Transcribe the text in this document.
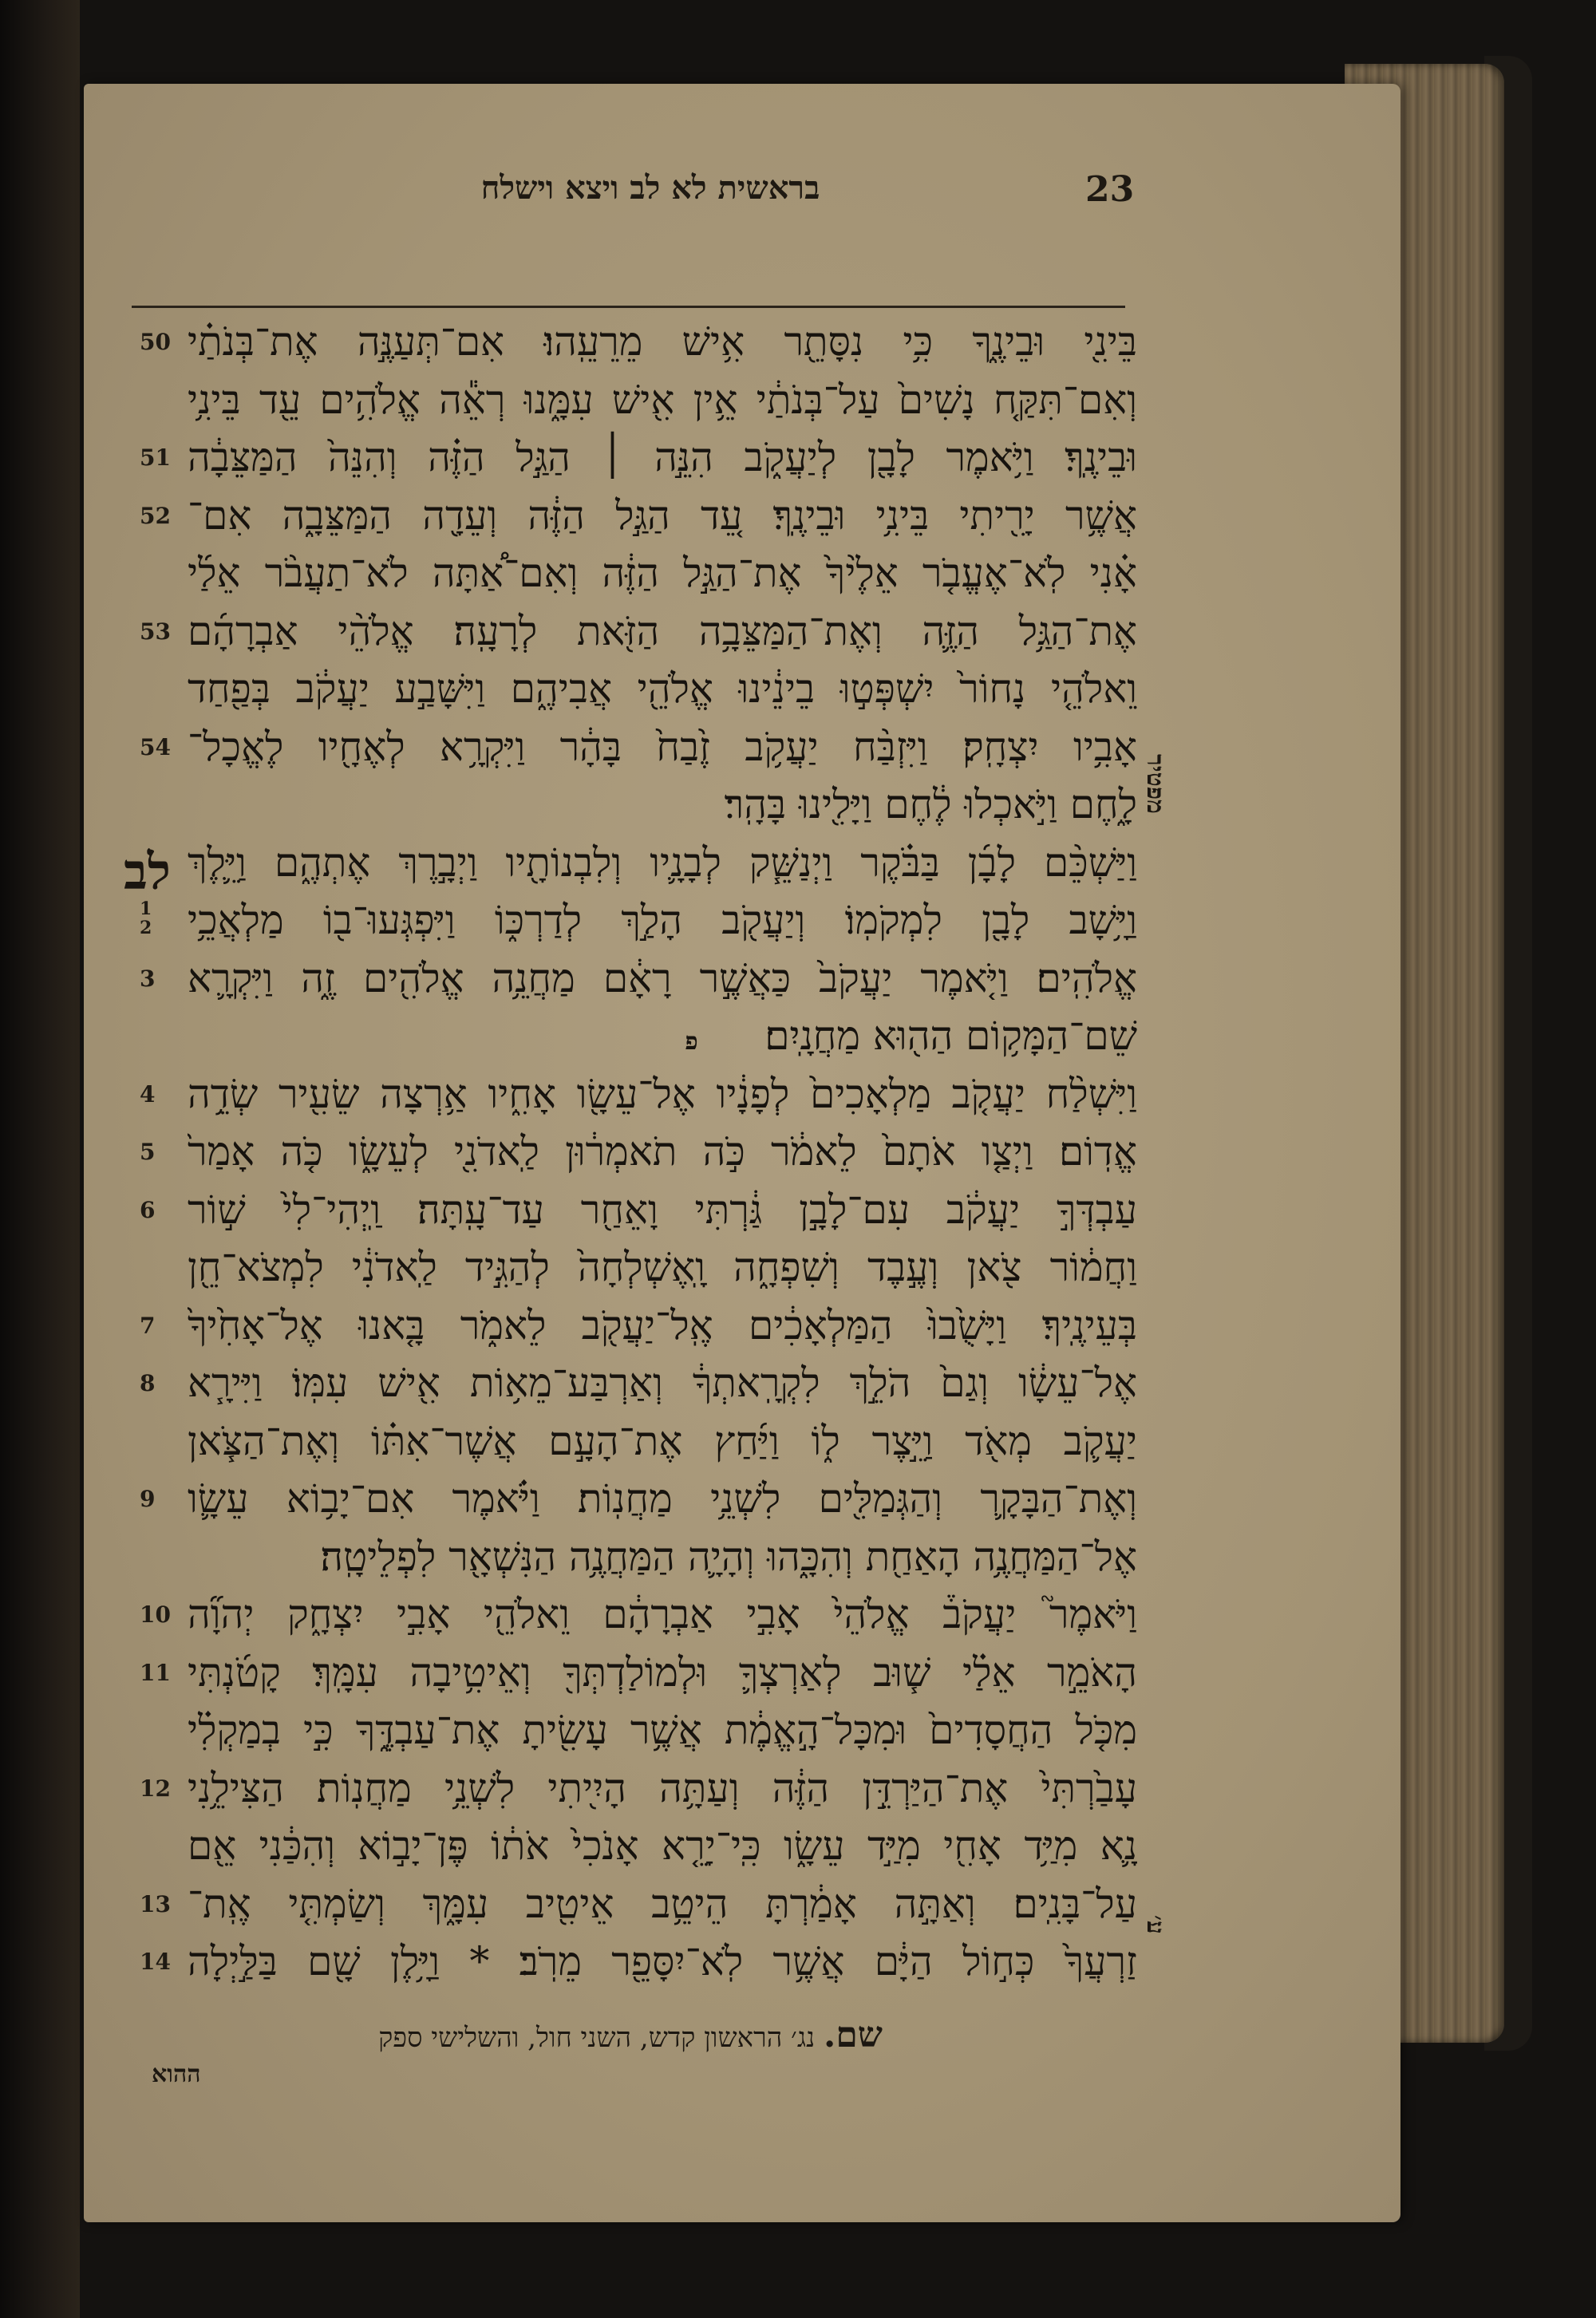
23
בראשית לא לב ויצא וישלח
לב
בֵּינִ֖י וּבֵינֶ֑ךָ כִּ֥י נִסָּתֵ֖ר אִ֥ישׁ מֵרֵעֵֽהוּ׃ אִם־תְּעַנֶּ֣ה אֶת־בְּנֹתַ֗י
וְאִם־תִּקַּ֤ח נָשִׁים֙ עַל־בְּנֹתַ֔י אֵ֥ין אִ֖ישׁ עִמָּ֑נוּ רְאֵ֕ה אֱלֹהִ֥ים עֵ֖ד בֵּינִ֥י
וּבֵינֶֽךָ׃ וַיֹּ֥אמֶר לָבָ֖ן לְיַעֲקֹ֑ב הִנֵּ֣ה ׀ הַגַּ֣ל הַזֶּ֗ה וְהִנֵּה֙ הַמַּצֵּבָ֔ה
אֲשֶׁ֥ר יָרִ֖יתִי בֵּינִ֥י וּבֵינֶֽךָ׃ עֵ֚ד הַגַּ֣ל הַזֶּ֔ה וְעֵדָ֖ה הַמַּצֵּבָ֑ה אִם־
אָ֗נִי לֹֽא־אֶעֱבֹ֤ר אֵלֶ֙יךָ֙ אֶת־הַגַּ֣ל הַזֶּ֔ה וְאִם־אַ֠תָּה לֹא־תַעֲבֹ֨ר אֵלַ֜י
אֶת־הַגַּ֥ל הַזֶּ֛ה וְאֶת־הַמַּצֵּבָ֥ה הַזֹּ֖את לְרָעָֽה׃ אֱלֹהֵ֨י אַבְרָהָ֜ם
וֵאלֹהֵ֤י נָחוֹר֙ יִשְׁפְּט֣וּ בֵינֵ֔ינוּ אֱלֹהֵ֖י אֲבִיהֶ֑ם וַיִּשָּׁבַ֣ע יַעֲקֹ֔ב בְּפַ֖חַד
אָבִ֥יו יִצְחָֽק׃ וַיִּזְבַּ֨ח יַעֲקֹ֥ב זֶ֙בַח֙ בָּהָ֔ר וַיִּקְרָ֥א לְאֶחָ֖יו לֶאֱכָל־
לָ֑חֶם וַיֹּ֣אכְלוּ לֶ֔חֶם וַיָּלִ֖ינוּ בָּהָֽר׃
וַיַּשְׁכֵּ֨ם לָבָ֜ן בַּבֹּ֗קֶר וַיְנַשֵּׁ֧ק לְבָנָ֛יו וְלִבְנוֹתָ֖יו וַיְבָ֣רֶךְ אֶתְהֶ֑ם וַיֵּ֛לֶךְ
וַיָּ֥שָׁב לָבָ֖ן לִמְקֹמֽוֹ׃ וְיַעֲקֹ֖ב הָלַ֣ךְ לְדַרְכּ֑וֹ וַיִּפְגְּעוּ־ב֖וֹ מַלְאֲכֵ֥י
אֱלֹהִֽים׃ וַיֹּ֤אמֶר יַעֲקֹב֙ כַּאֲשֶׁ֣ר רָאָ֔ם מַחֲנֵ֥ה אֱלֹהִ֖ים זֶ֑ה וַיִּקְרָ֛א
שֵׁם־הַמָּק֥וֹם הַה֖וּא מַחֲנָֽיִם׃        פ
וַיִּשְׁלַ֨ח יַעֲקֹ֤ב מַלְאָכִים֙ לְפָנָ֔יו אֶל־עֵשָׂ֖ו אָחִ֑יו אַ֥רְצָה שֵׂעִ֖יר שְׂדֵ֥ה
אֱדֽוֹם׃ וַיְצַ֤ו אֹתָם֙ לֵאמֹ֔ר כֹּ֣ה תֹאמְר֔וּן לַֽאדֹנִ֖י לְעֵשָׂ֑ו כֹּ֤ה אָמַר֙
עַבְדְּךָ֣ יַעֲקֹ֔ב עִם־לָבָ֣ן גַּ֔רְתִּי וָאֵחַ֖ר עַד־עָֽתָּה׃ וַֽיְהִי־לִי֙ שׁ֣וֹר
וַחֲמ֔וֹר צֹ֖אן וְעֶ֣בֶד וְשִׁפְחָ֑ה וָֽאֶשְׁלְחָה֙ לְהַגִּ֣יד לַֽאדֹנִ֔י לִמְצֹא־חֵ֖ן
בְּעֵינֶֽיךָ׃ וַיָּשֻׁ֙בוּ֙ הַמַּלְאָכִ֔ים אֶֽל־יַעֲקֹ֖ב לֵאמֹ֑ר בָּ֤אנוּ אֶל־אָחִ֙יךָ֙
אֶל־עֵשָׂ֔ו וְגַם֙ הֹלֵ֣ךְ לִקְרָֽאתְךָ֔ וְאַרְבַּע־מֵא֥וֹת אִ֖ישׁ עִמּֽוֹ׃ וַיִּירָ֧א
יַעֲקֹ֛ב מְאֹ֖ד וַיֵּ֣צֶר ל֑וֹ וַיַּ֜חַץ אֶת־הָעָ֣ם אֲשֶׁר־אִתּ֗וֹ וְאֶת־הַצֹּ֧אן
וְאֶת־הַבָּקָ֛ר וְהַגְּמַלִּ֖ים לִשְׁנֵ֥י מַחֲנֽוֹת׃ וַיֹּ֗אמֶר אִם־יָב֥וֹא עֵשָׂ֛ו
אֶל־הַמַּחֲנֶ֥ה הָאַחַ֖ת וְהִכָּ֑הוּ וְהָיָ֛ה הַמַּחֲנֶ֥ה הַנִּשְׁאָ֖ר לִפְלֵיטָֽה׃
וַיֹּאמֶר֮ יַעֲקֹב֒ אֱלֹהֵי֙ אָבִ֣י אַבְרָהָ֔ם וֵאלֹהֵ֖י אָבִ֣י יִצְחָ֑ק יְהוָ֞ה
הָאֹמֵ֣ר אֵלַ֗י שׁ֧וּב לְאַרְצְךָ֛ וּלְמוֹלַדְתְּךָ֖ וְאֵיטִ֥יבָה עִמָּֽךְ׃ קָטֹ֜נְתִּי
מִכֹּ֤ל הַחֲסָדִים֙ וּמִכָּל־הָ֣אֱמֶ֔ת אֲשֶׁ֥ר עָשִׂ֖יתָ אֶת־עַבְדֶּ֑ךָ כִּ֣י בְמַקְלִ֗י
עָבַ֙רְתִּי֙ אֶת־הַיַּרְדֵּ֣ן הַזֶּ֔ה וְעַתָּ֥ה הָיִ֖יתִי לִשְׁנֵ֥י מַחֲנֽוֹת׃ הַצִּילֵ֥נִי
נָ֛א מִיַּ֥ד אָחִ֖י מִיַּ֣ד עֵשָׂ֑ו כִּֽי־יָרֵ֤א אָנֹכִי֙ אֹת֔וֹ פֶּן־יָב֣וֹא וְהִכַּ֔נִי אֵ֖ם
עַל־בָּנִֽים׃ וְאַתָּ֣ה אָמַ֔רְתָּ הֵיטֵ֥ב אֵיטִ֖יב עִמָּ֑ךְ וְשַׂמְתִּ֤י אֶֽת־
זַרְעֲךָ֙ כְּח֣וֹל הַיָּ֔ם אֲשֶׁ֥ר לֹֽא־יִסָּפֵ֖ר מֵרֹֽב׃ * וַיָּ֥לֶן שָׁ֖ם בַּלַּ֣יְלָה
מפטיר
ע׳
שם. נג׳ הראשון קדש, השני חול, והשלישי ספק
ההוא
50
51
52
53
54
1
2
3
4
5
6
7
8
9
10
11
12
13
14
